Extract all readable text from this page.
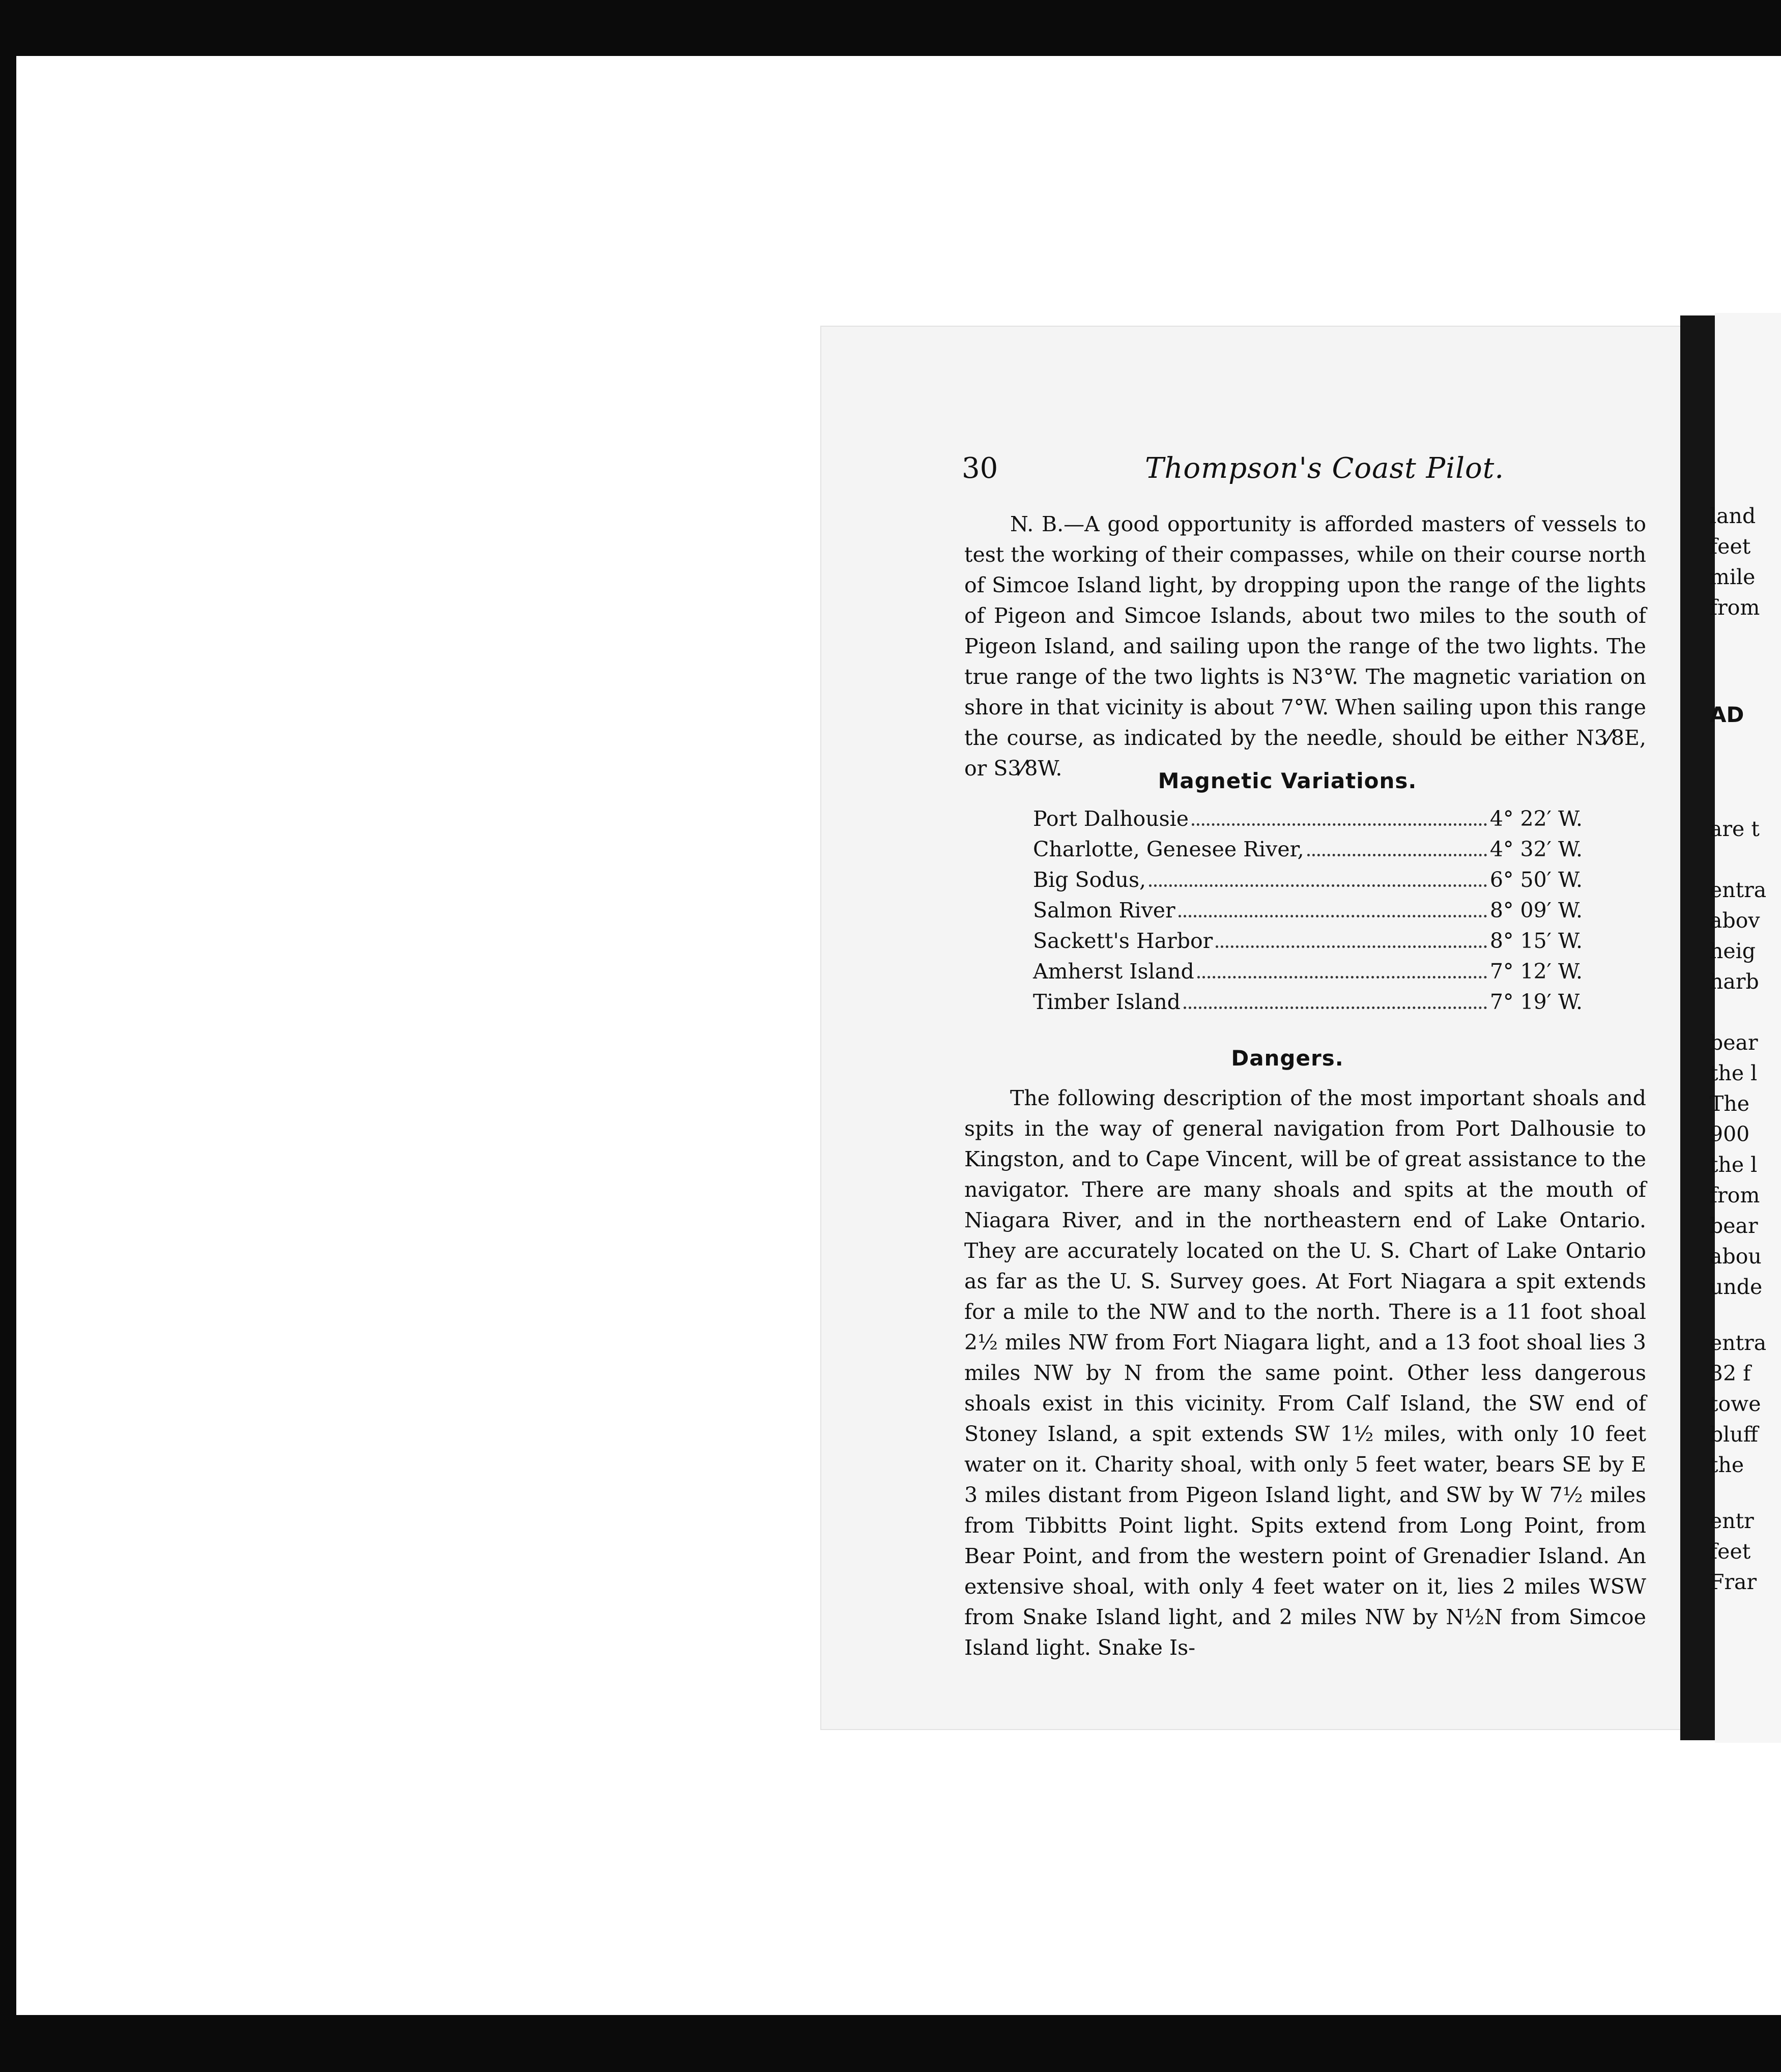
30	Thompson's Coast Pilot.

N. B.—A good opportunity is afforded masters of vessels to test the working of their compasses, while on their course north of Simcoe Island light, by dropping upon the range of the lights of Pigeon and Simcoe Islands, about two miles to the south of Pigeon Island, and sailing upon the range of the two lights. The true range of the two lights is N3°W. The magnetic variation on shore in that vicinity is about 7°W. When sailing upon this range the course, as indicated by the needle, should be either N3⁄8E, or S3⁄8W.	Magnetic Variations.
Port Dalhousie	4° 22′ W.
Charlotte, Genesee River,	4° 32′ W.
Big Sodus,	6° 50′ W.
Salmon River	8° 09′ W.
Sackett's Harbor	8° 15′ W.
Amherst Island	7° 12′ W.
Timber Island	7° 19′ W.
Dangers.

The following description of the most important shoals and spits in the way of general navigation from Port Dalhousie to Kingston, and to Cape Vincent, will be of great assistance to the navigator. There are many shoals and spits at the mouth of Niagara River, and in the northeastern end of Lake Ontario. They are accurately located on the U. S. Chart of Lake Ontario as far as the U. S. Survey goes. At Fort Niagara a spit extends for a mile to the NW and to the north. There is a 11 foot shoal 2½ miles NW from Fort Niagara light, and a 13 foot shoal lies 3 miles NW by N from the same point. Other less dangerous shoals exist in this vicinity. From Calf Island, the SW end of Stoney Island, a spit extends SW 1½ miles, with only 10 feet water on it. Charity shoal, with only 5 feet water, bears SE by E 3 miles distant from Pigeon Island light, and SW by W 7½ miles from Tibbitts Point light. Spits extend from Long Point, from Bear Point, and from the western point of Grenadier Island. An extensive shoal, with only 4 feet water on it, lies 2 miles WSW from Snake Island light, and 2 miles NW by N½N from Simcoe Island light. Snake Is-

land
feet
mile
from
AD
are t
entra
abov
heig
harb
bear
the l
The
900
the l
from
bear
abou
unde
entra
32 f
towe
bluff
the
entr
feet
Frar
